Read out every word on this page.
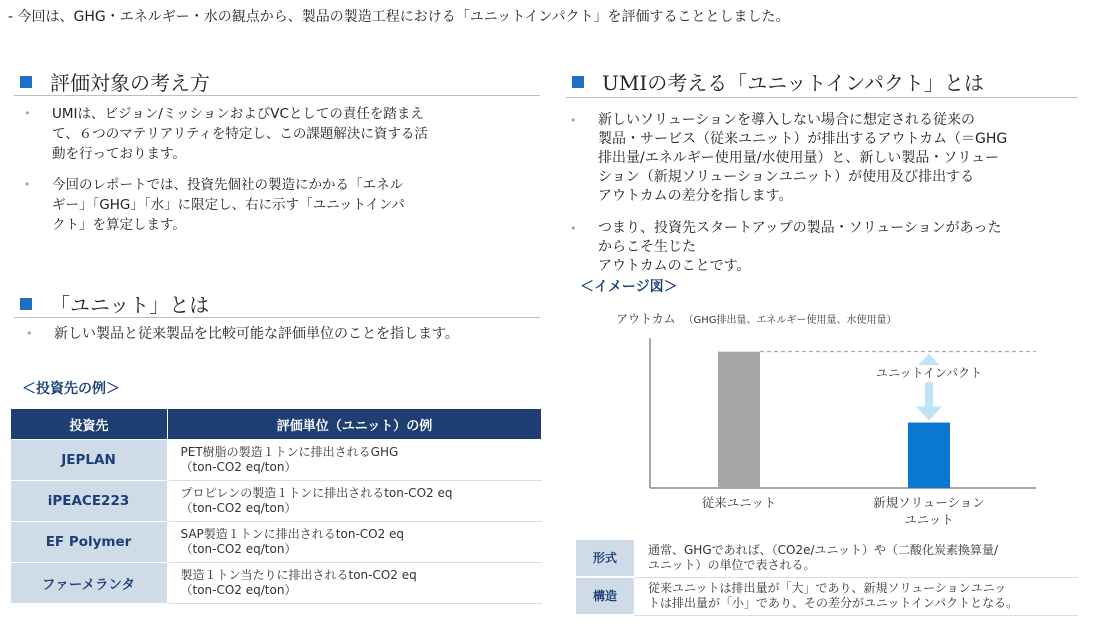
- 今回は、GHG・エネルギー・水の観点から、製品の製造工程における「ユニットインパクト」を評価することとしました。
評価対象の考え方
• UMIは、ビジョン/ミッションおよびVCとしての責任を踏まえ
て、６つのマテリアリティを特定し、この課題解決に資する活
動を行っております。
• 今回のレポートでは、投資先個社の製造にかかる「エネル
ギー」「GHG」「水」に限定し、右に示す「ユニットインパ
クト」を算定します。
「ユニット」とは
• 新しい製品と従来製品を比較可能な評価単位のことを指します。
＜投資先の例＞
投資先	評価単位（ユニット）の例
JEPLAN	PET樹脂の製造１トンに排出されるGHG
（ton-CO2 eq/ton）

iPEACE223	プロピレンの製造１トンに排出されるton-CO2 eq
（ton-CO2 eq/ton）

EF Polymer	SAP製造１トンに排出されるton-CO2 eq
（ton-CO2 eq/ton）

ファーメランタ	製造１トン当たりに排出されるton-CO2 eq
（ton-CO2 eq/ton）
UMIの考える「ユニットインパクト」とは
• 新しいソリューションを導入しない場合に想定される従来の
製品・サービス（従来ユニット）が排出するアウトカム（＝GHG
排出量/エネルギー使用量/水使用量）と、新しい製品・ソリュー
ション（新規ソリューションユニット）が使用及び排出する
アウトカムの差分を指します。
• つまり、投資先スタートアップの製品・ソリューションがあった
からこそ生じた
アウトカムのことです。
＜イメージ図＞
アウトカム （GHG排出量、エネルギー使用量、水使用量）
従来ユニット	新規ソリューション
ユニット
ユニットインパクト
形式	通常、GHGであれば、（CO2e/ユニット）や（二酸化炭素換算量/
ユニット）の単位で表される。

構造	従来ユニットは排出量が「大」であり、新規ソリューションユニッ
トは排出量が「小」であり、その差分がユニットインパクトとなる。
